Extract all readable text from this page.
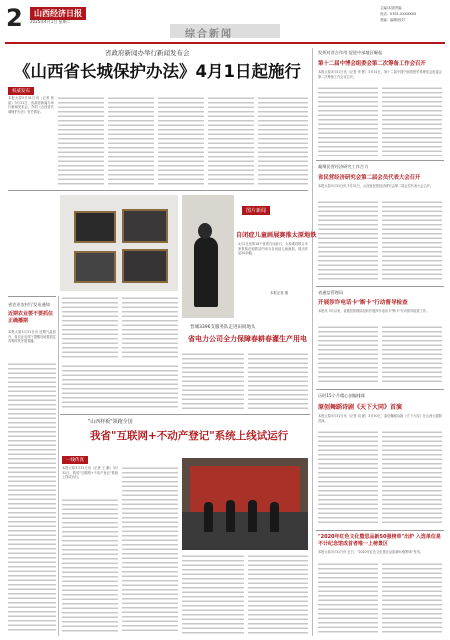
2	山西经济日报
2025年4月1日 星期二
综合新闻
主编/本版责编
电话：0351-XXXXXXX
美编：编辑/校对
省政府新闻办举行新闻发布会
《山西省长城保护办法》4月1日起施行
权威发布
本报太原3月31日讯（记者 张 晶）3月31日，省政府新闻办举行新闻发布会，介绍《山西省长城保护办法》有关情况。
图片新闻
自闭症儿童画展赛推太原地铁
4月2日是第18个世界自闭症日，太原地铁联合多家机构在地铁站内举办自闭症儿童画展，展出作品20余幅。
本报记者 摄
省农业农村厅发布通知
近期农业要不要抓住正确播期
本报太原3月31日讯 近期气温回升，省农业农村厅提醒各地要抓住有利时机开展春播。
晋城3396支服务队走进田间地头
省电力公司全力保障春耕春灌生产用电
"山西样板"领跑全国
我省"互联网+不动产登记"系统上线试运行
一线传真
本报太原3月31日讯（记者 王 鹏）3月31日，我省"互联网+不动产登记"系统上线试运行。
发挥对晋合作用 促进中部地区崛起
第十二届中博会组委会第二次筹备工作会召开
本报太原3月31日讯（记者 李 彬）3月31日，第十二届中国中部投资贸易博览会组委会第二次筹备工作会议召开。
凝聚民营经济研究工作合力
省民营经济研究会第二届会员代表大会召开
本报太原3月31日讯 3月31日，山西省民营经济研究会第二届会员代表大会召开。
省通信管理局
开展涉诈电话卡"断卡"行动督导检查
本报讯 3月以来，省通信管理局组织开展涉诈电话卡"断卡"行动督导检查工作。
历时15个月精心创编排练
原创舞蹈诗剧《天下大同》首演
本报太原3月31日讯（记者 刘 媛）3月30日，原创舞蹈诗剧《天下大同》在山西大剧院首演。
"2020年红色文化暨思品新50强榜单"出炉 入选单位是不计纪念馆成首者唯一上榜景区
本报太原3月31日讯 近日，"2020年红色文化景区品质新50强榜单"发布。
